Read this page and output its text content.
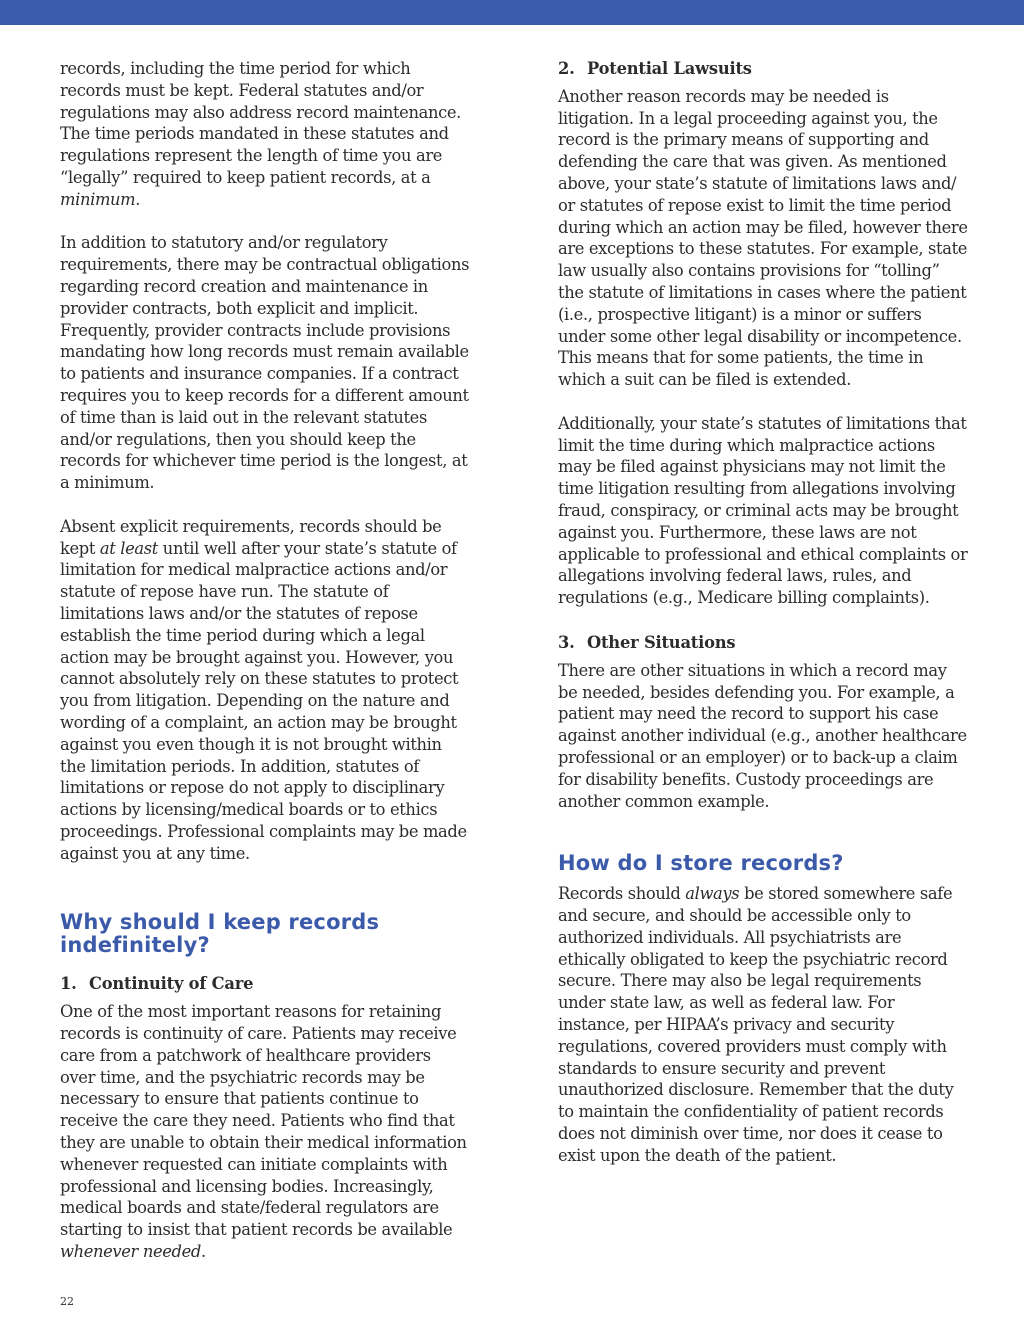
records, including the time period for which records must be kept. Federal statutes and/or regulations may also address record maintenance. The time periods mandated in these statutes and regulations represent the length of time you are “legally” required to keep patient records, at a minimum.

In addition to statutory and/or regulatory requirements, there may be contractual obligations regarding record creation and maintenance in provider contracts, both explicit and implicit. Frequently, provider contracts include provisions mandating how long records must remain available to patients and insurance companies. If a contract requires you to keep records for a different amount of time than is laid out in the relevant statutes and/or regulations, then you should keep the records for whichever time period is the longest, at a minimum.

Absent explicit requirements, records should be kept at least until well after your state’s statute of limitation for medical malpractice actions and/or statute of repose have run. The statute of limitations laws and/or the statutes of repose establish the time period during which a legal action may be brought against you. However, you cannot absolutely rely on these statutes to protect you from litigation. Depending on the nature and wording of a complaint, an action may be brought against you even though it is not brought within the limitation periods. In addition, statutes of limitations or repose do not apply to disciplinary actions by licensing/medical boards or to ethics proceedings. Professional complaints may be made against you at any time.

Why should I keep records indefinitely?
1. Continuity of Care

One of the most important reasons for retaining records is continuity of care. Patients may receive care from a patchwork of healthcare providers over time, and the psychiatric records may be necessary to ensure that patients continue to receive the care they need. Patients who find that they are unable to obtain their medical information whenever requested can initiate complaints with professional and licensing bodies. Increasingly, medical boards and state/federal regulators are starting to insist that patient records be available whenever needed.

2. Potential Lawsuits

Another reason records may be needed is litigation. In a legal proceeding against you, the record is the primary means of supporting and defending the care that was given. As mentioned above, your state’s statute of limitations laws and/ or statutes of repose exist to limit the time period during which an action may be filed, however there are exceptions to these statutes. For example, state law usually also contains provisions for “tolling” the statute of limitations in cases where the patient (i.e., prospective litigant) is a minor or suffers under some other legal disability or incompetence. This means that for some patients, the time in which a suit can be filed is extended.

Additionally, your state’s statutes of limitations that limit the time during which malpractice actions may be filed against physicians may not limit the time litigation resulting from allegations involving fraud, conspiracy, or criminal acts may be brought against you. Furthermore, these laws are not applicable to professional and ethical complaints or allegations involving federal laws, rules, and regulations (e.g., Medicare billing complaints).

3. Other Situations

There are other situations in which a record may be needed, besides defending you. For example, a patient may need the record to support his case against another individual (e.g., another healthcare professional or an employer) or to back-up a claim for disability benefits. Custody proceedings are another common example.

How do I store records?

Records should always be stored somewhere safe and secure, and should be accessible only to authorized individuals. All psychiatrists are ethically obligated to keep the psychiatric record secure. There may also be legal requirements under state law, as well as federal law. For instance, per HIPAA’s privacy and security regulations, covered providers must comply with standards to ensure security and prevent unauthorized disclosure. Remember that the duty to maintain the confidentiality of patient records does not diminish over time, nor does it cease to exist upon the death of the patient.

22
